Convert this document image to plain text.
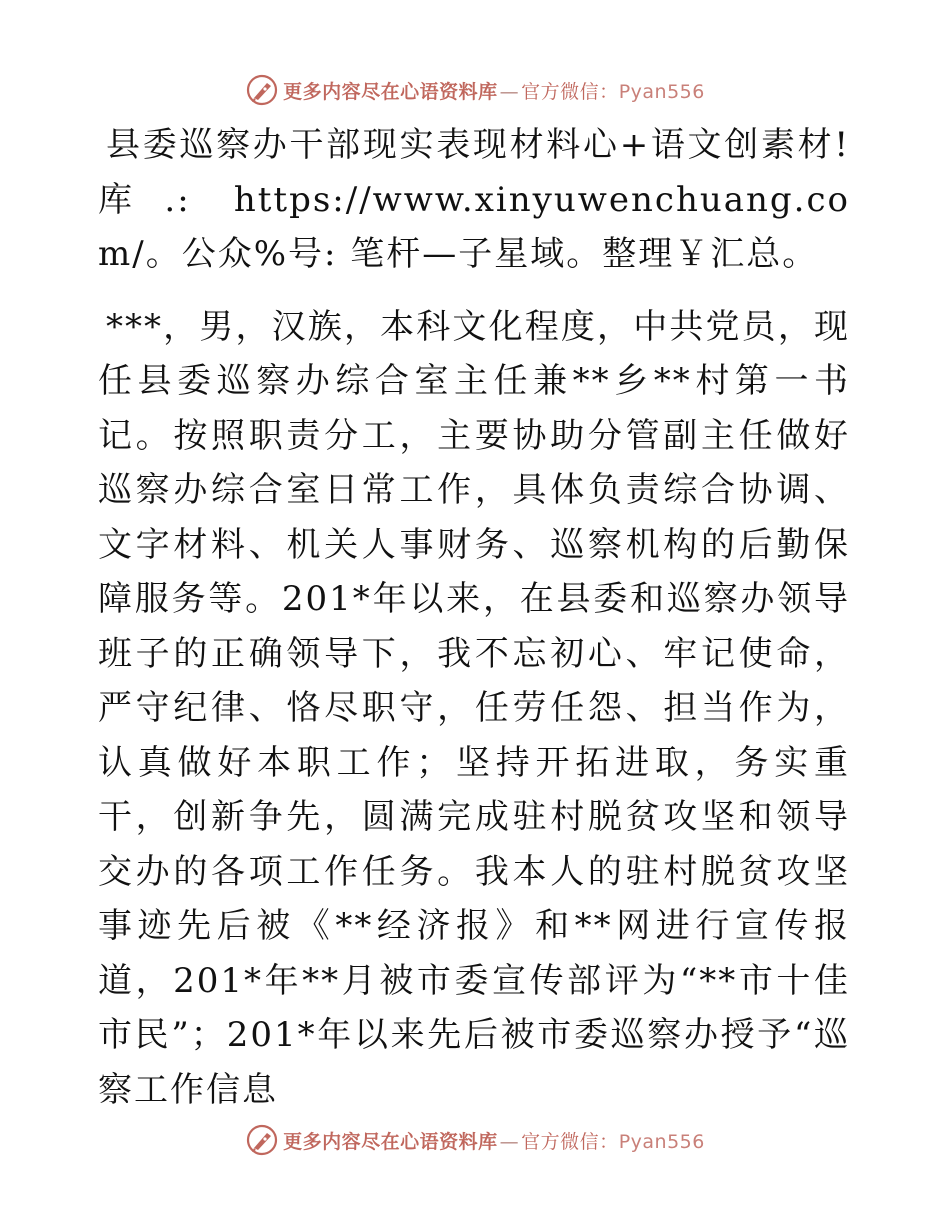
更多内容尽在心语资料库 — 官方微信：Pyan556

县委巡察办干部现实表现材料心+语文创素材!库.: https://www.xinyuwenchuang.com/。公众%号: 笔杆—子星域。整理￥汇总。

***，男，汉族，本科文化程度，中共党员，现任县委巡察办综合室主任兼**乡**村第一书记。按照职责分工，主要协助分管副主任做好巡察办综合室日常工作，具体负责综合协调、文字材料、机关人事财务、巡察机构的后勤保障服务等。201*年以来，在县委和巡察办领导班子的正确领导下，我不忘初心、牢记使命，严守纪律、恪尽职守，任劳任怨、担当作为，认真做好本职工作；坚持开拓进取，务实重干，创新争先，圆满完成驻村脱贫攻坚和领导交办的各项工作任务。我本人的驻村脱贫攻坚事迹先后被《**经济报》和**网进行宣传报道，201*年**月被市委宣传部评为“**市十佳市民”；201*年以来先后被市委巡察办授予“巡察工作信息

更多内容尽在心语资料库 — 官方微信：Pyan556
